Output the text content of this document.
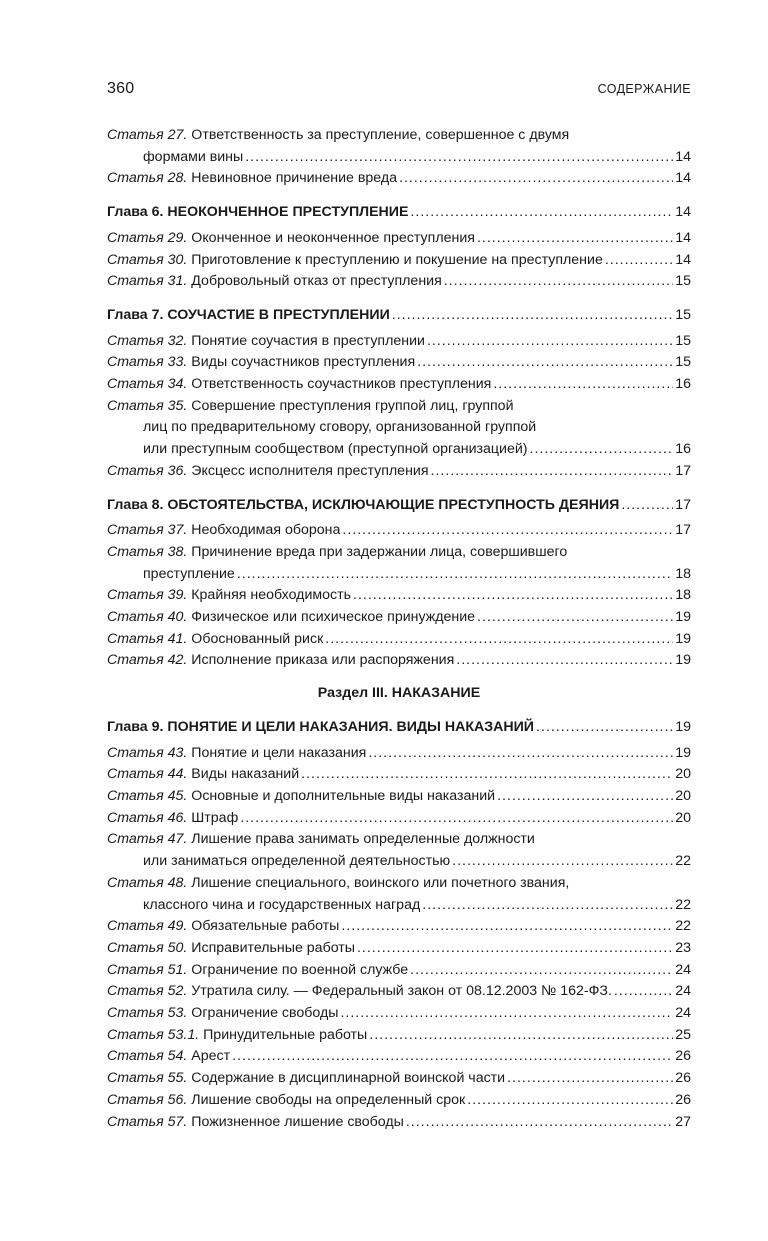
360	СОДЕРЖАНИЕ
Статья 27. Ответственность за преступление, совершенное с двумя
формами вины .....	14
Статья 28. Невиновное причинение вреда .....	14
Глава 6. НЕОКОНЧЕННОЕ ПРЕСТУПЛЕНИЕ .....	14
Статья 29. Оконченное и неоконченное преступления .....	14
Статья 30. Приготовление к преступлению и покушение на преступление .....	14
Статья 31. Добровольный отказ от преступления .....	15
Глава 7. СОУЧАСТИЕ В ПРЕСТУПЛЕНИИ .....	15
Статья 32. Понятие соучастия в преступлении .....	15
Статья 33. Виды соучастников преступления .....	15
Статья 34. Ответственность соучастников преступления .....	16
Статья 35. Совершение преступления группой лиц, группой
лиц по предварительному сговору, организованной группой
или преступным сообществом (преступной организацией) .....	16
Статья 36. Эксцесс исполнителя преступления .....	17
Глава 8. ОБСТОЯТЕЛЬСТВА, ИСКЛЮЧАЮЩИЕ ПРЕСТУПНОСТЬ ДЕЯНИЯ .....	17
Статья 37. Необходимая оборона .....	17
Статья 38. Причинение вреда при задержании лица, совершившего
преступление .....	18
Статья 39. Крайняя необходимость .....	18
Статья 40. Физическое или психическое принуждение .....	19
Статья 41. Обоснованный риск .....	19
Статья 42. Исполнение приказа или распоряжения .....	19
Раздел III. НАКАЗАНИЕ
Глава 9. ПОНЯТИЕ И ЦЕЛИ НАКАЗАНИЯ. ВИДЫ НАКАЗАНИЙ .....	19
Статья 43. Понятие и цели наказания .....	19
Статья 44. Виды наказаний .....	20
Статья 45. Основные и дополнительные виды наказаний .....	20
Статья 46. Штраф .....	20
Статья 47. Лишение права занимать определенные должности
или заниматься определенной деятельностью .....	22
Статья 48. Лишение специального, воинского или почетного звания,
классного чина и государственных наград .....	22
Статья 49. Обязательные работы .....	22
Статья 50. Исправительные работы .....	23
Статья 51. Ограничение по военной службе .....	24
Статья 52. Утратила силу. — Федеральный закон от 08.12.2003 № 162-ФЗ. .....	24
Статья 53. Ограничение свободы .....	24
Статья 53.1. Принудительные работы .....	25
Статья 54. Арест .....	26
Статья 55. Содержание в дисциплинарной воинской части .....	26
Статья 56. Лишение свободы на определенный срок .....	26
Статья 57. Пожизненное лишение свободы .....	27
